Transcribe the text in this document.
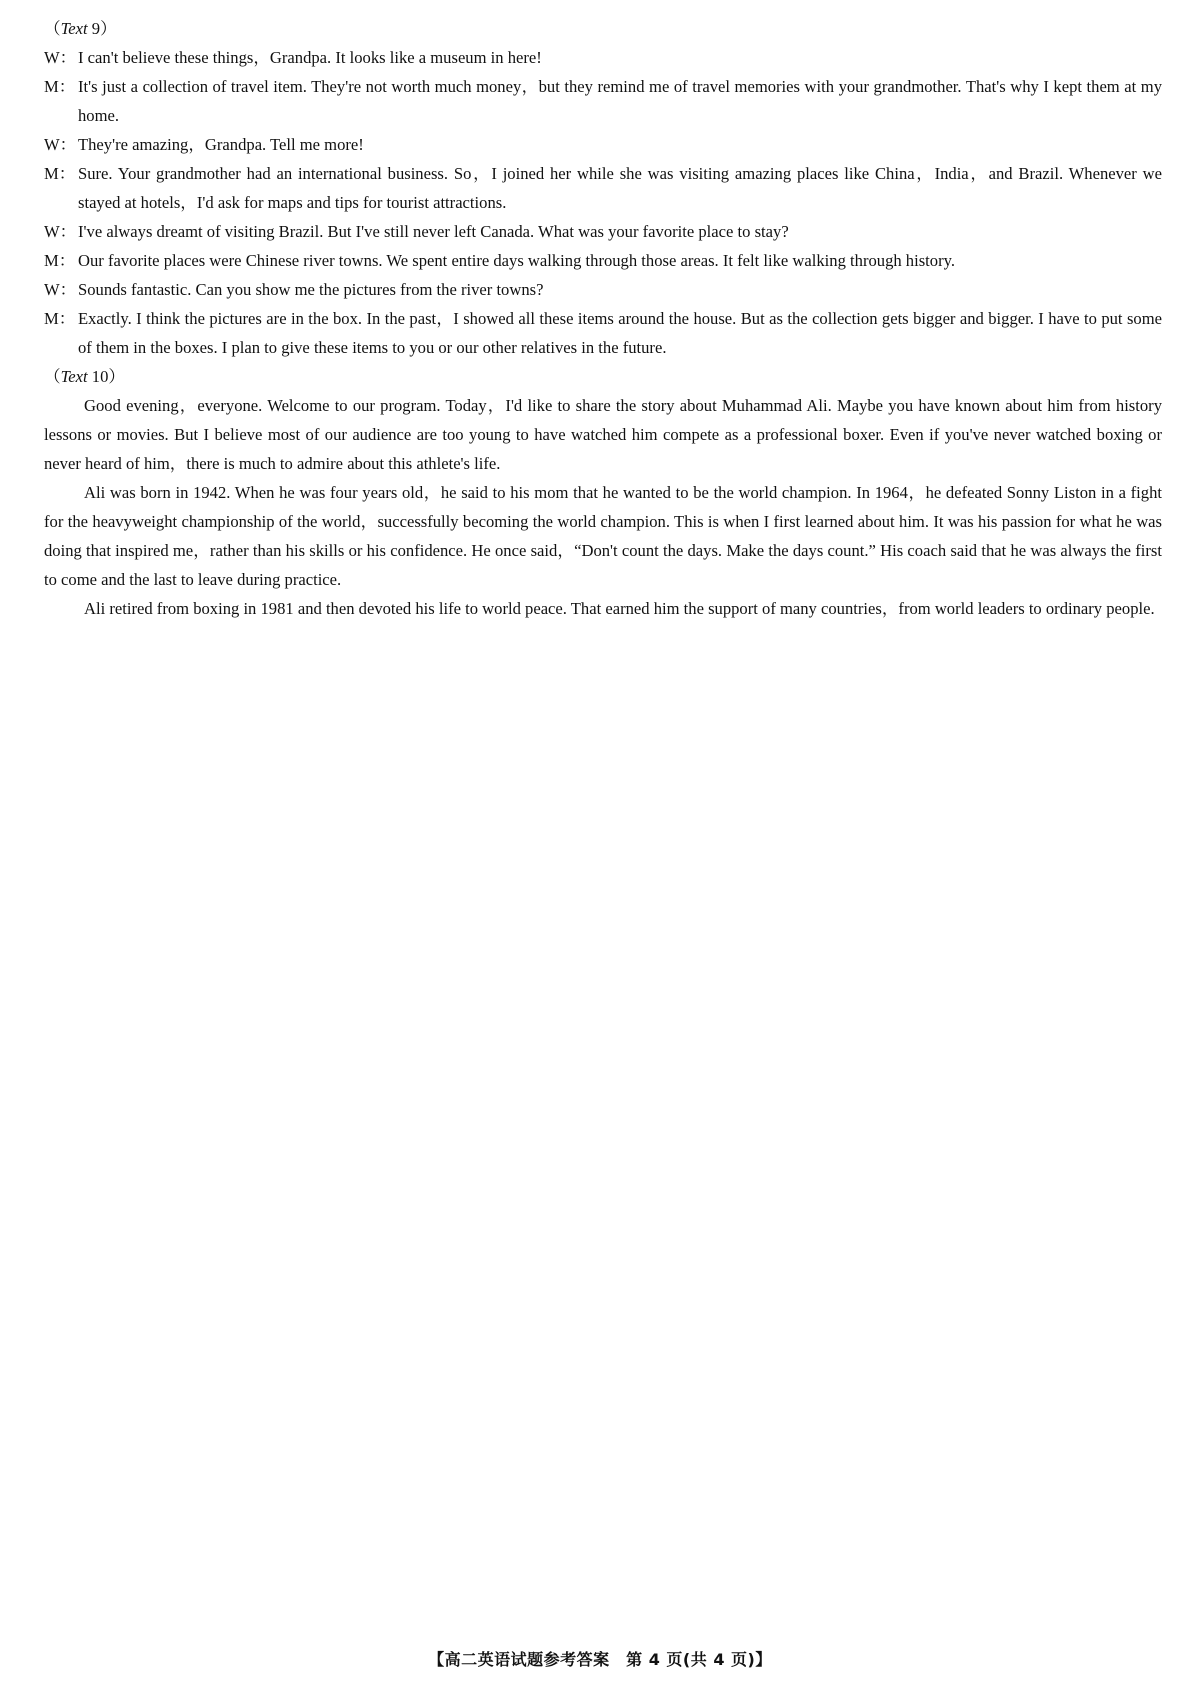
（Text 9）
W： I can't believe these things，Grandpa. It looks like a museum in here!
M： It's just a collection of travel item. They're not worth much money，but they remind me of travel memories with your grandmother. That's why I kept them at my home.
W： They're amazing，Grandpa. Tell me more!
M： Sure. Your grandmother had an international business. So，I joined her while she was visiting amazing places like China，India，and Brazil. Whenever we stayed at hotels，I'd ask for maps and tips for tourist attractions.
W： I've always dreamt of visiting Brazil. But I've still never left Canada. What was your favorite place to stay?
M： Our favorite places were Chinese river towns. We spent entire days walking through those areas. It felt like walking through history.
W： Sounds fantastic. Can you show me the pictures from the river towns?
M： Exactly. I think the pictures are in the box. In the past，I showed all these items around the house. But as the collection gets bigger and bigger. I have to put some of them in the boxes. I plan to give these items to you or our other relatives in the future.
（Text 10）

Good evening，everyone. Welcome to our program. Today，I'd like to share the story about Muhammad Ali. Maybe you have known about him from history lessons or movies. But I believe most of our audience are too young to have watched him compete as a professional boxer. Even if you've never watched boxing or never heard of him，there is much to admire about this athlete's life.

Ali was born in 1942. When he was four years old，he said to his mom that he wanted to be the world champion. In 1964，he defeated Sonny Liston in a fight for the heavyweight championship of the world，successfully becoming the world champion. This is when I first learned about him. It was his passion for what he was doing that inspired me，rather than his skills or his confidence. He once said，“Don't count the days. Make the days count.” His coach said that he was always the first to come and the last to leave during practice.

Ali retired from boxing in 1981 and then devoted his life to world peace. That earned him the support of many countries，from world leaders to ordinary people.

【高二英语试题参考答案　第 4 页(共 4 页)】
